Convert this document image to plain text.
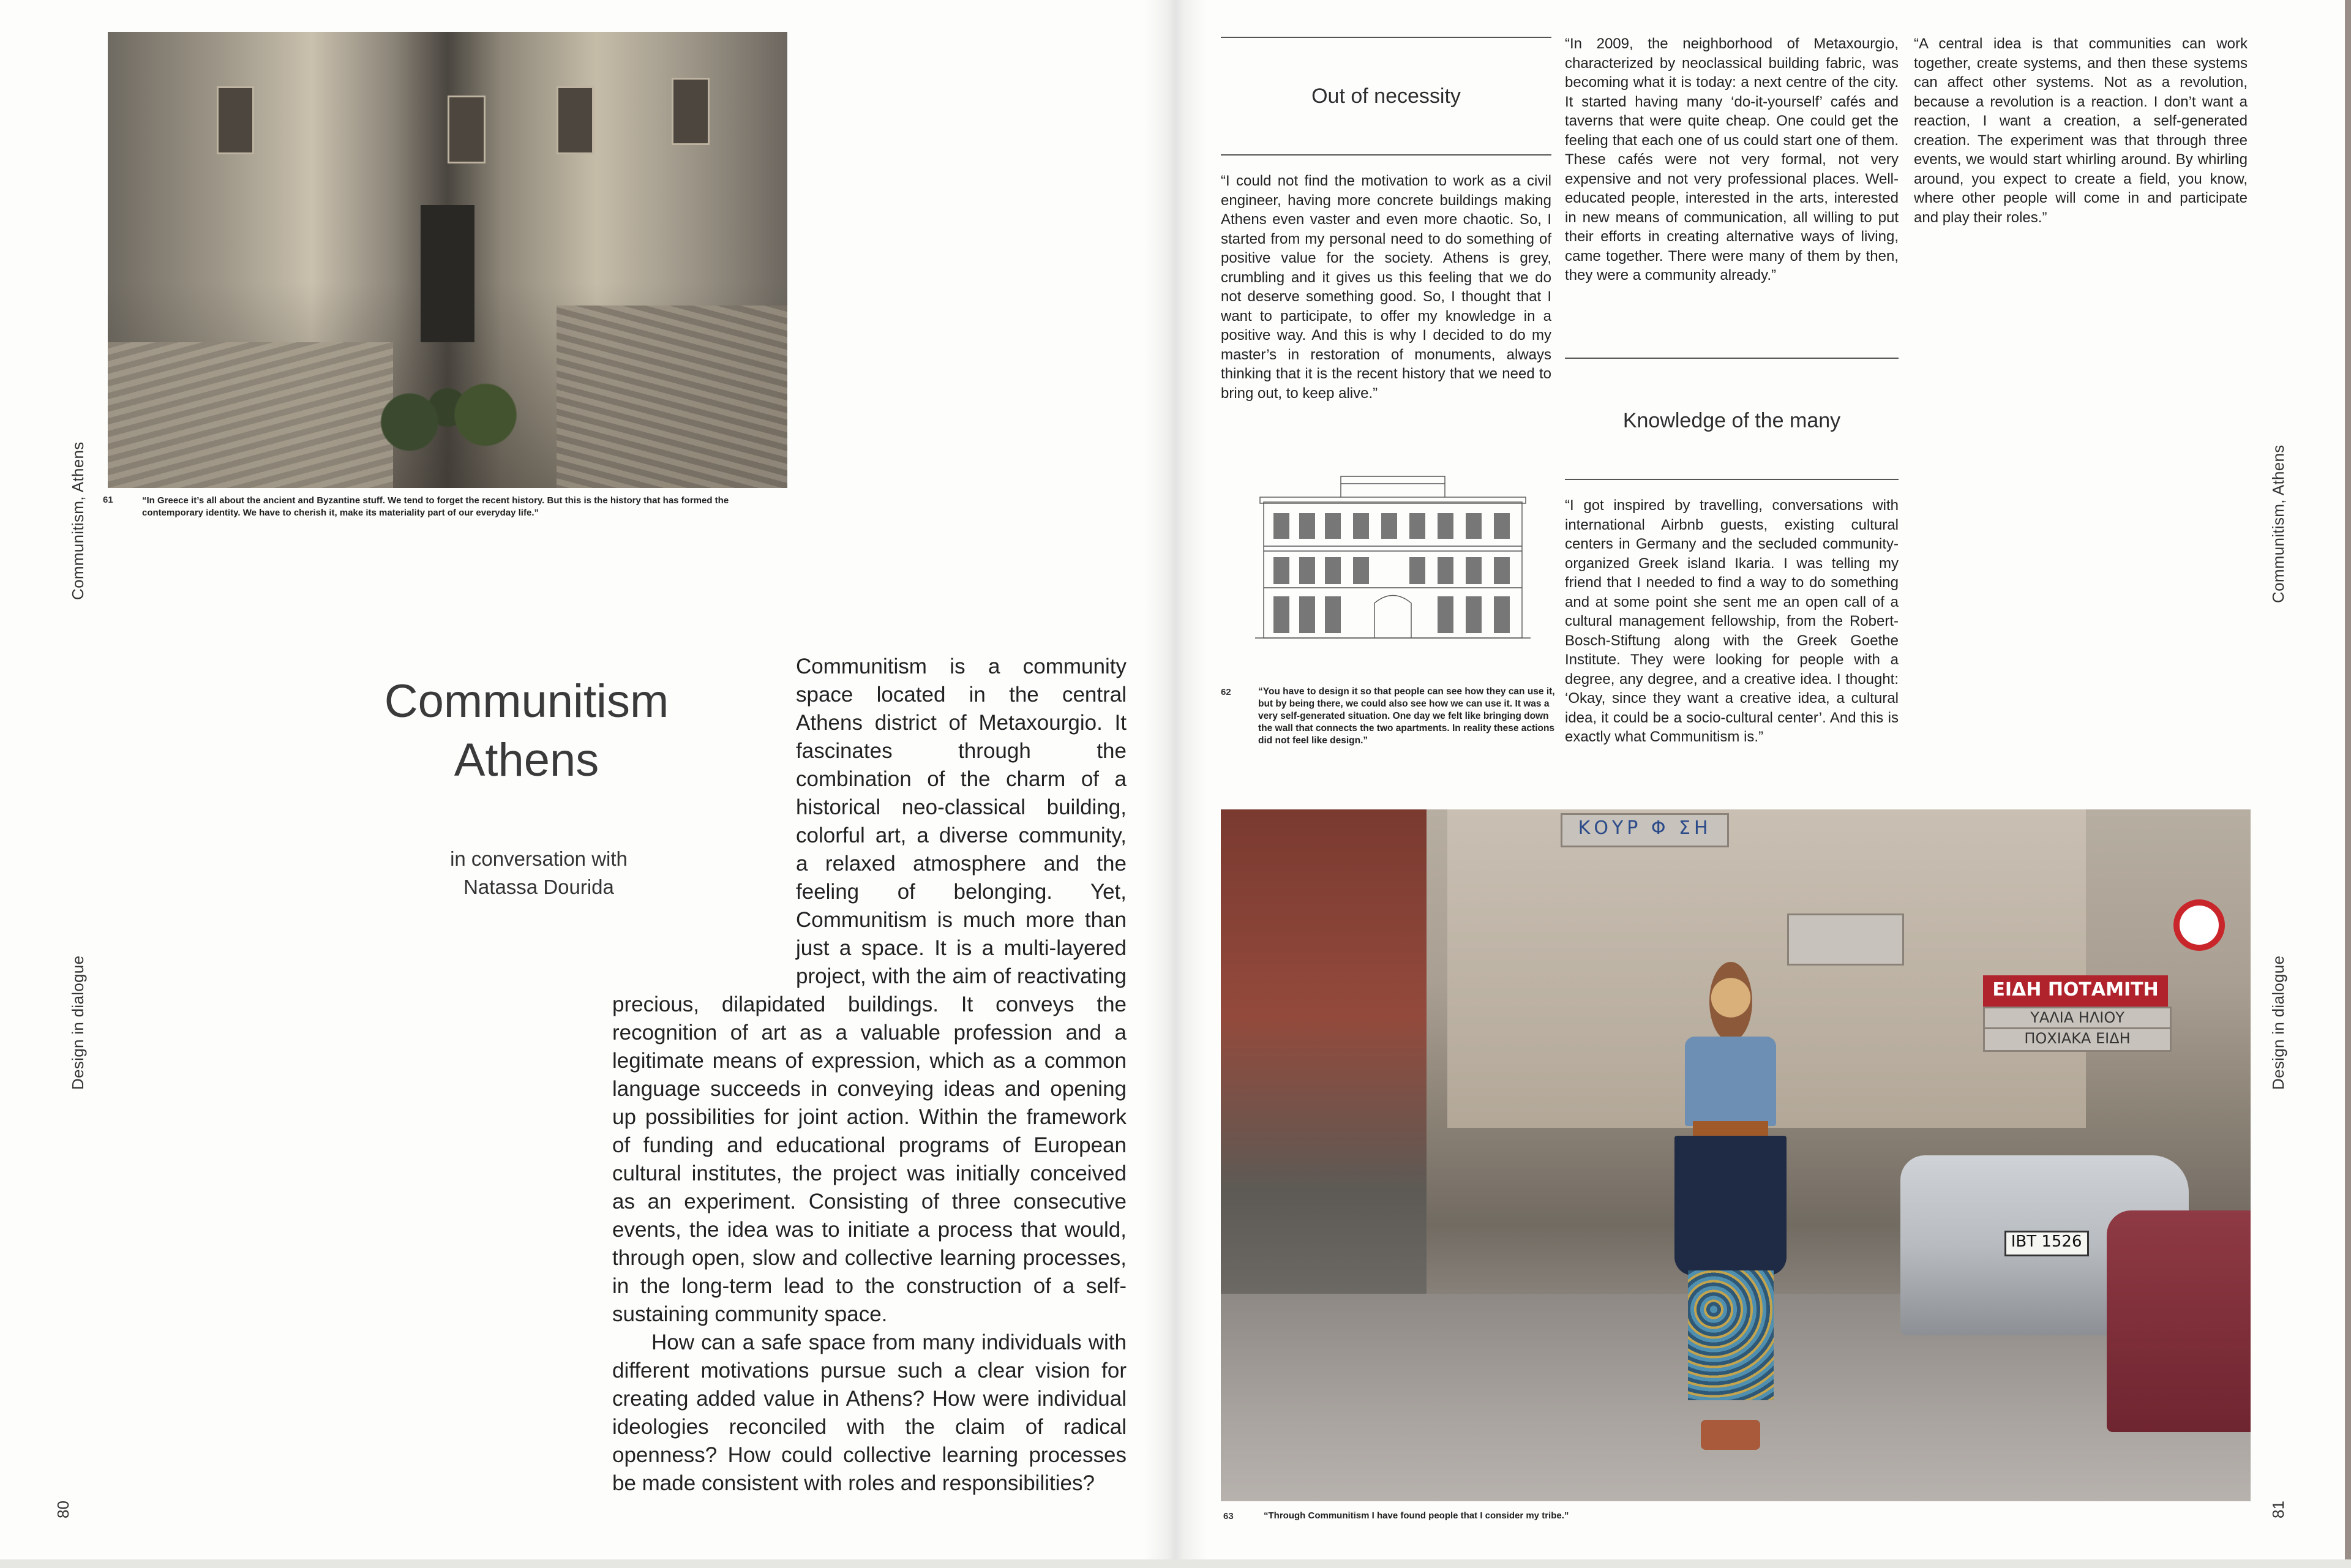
Communitism, Athens
Design in dialogue
80
61	“In Greece it’s all about the ancient and Byzantine stuff. We tend to forget the recent history. But this is the history that has formed the contemporary identity. We have to cherish it, make its materiality part of our everyday life.”
Communitism
Athens
in conversation with
Natassa Dourida

Communitism is a community space located in the central Athens district of Metaxourgio. It fascinates through the combination of the charm of a historical neo-classical building, colorful art, a diverse community, a relaxed atmosphere and the feeling of belonging. Yet, Communitism is much more than just a space. It is a multi-layered project, with the aim of reactivating precious, dilapidated buildings. It conveys the recognition of art as a valuable profession and a legitimate means of expression, which as a common language succeeds in conveying ideas and opening up possibilities for joint action. Within the framework of funding and educational programs of European cultural institutes, the project was initially conceived as an experiment. Consisting of three consecutive events, the idea was to initiate a process that would, through open, slow and collective learning processes, in the long-term lead to the construction of a self-sustaining community space.

How can a safe space from many individuals with different motivations pursue such a clear vision for creating added value in Athens? How were individual ideologies reconciled with the claim of radical openness? How could collective learning processes be made consistent with roles and responsibilities?

Out of necessity
“I could not find the motivation to work as a civil engineer, having more concrete buildings making Athens even vaster and even more chaotic. So, I started from my personal need to do something of positive value for the society. Athens is grey, crumbling and it gives us this feeling that we do not deserve something good. So, I thought that I want to participate, to offer my knowledge in a positive way. And this is why I decided to do my master’s in restoration of monuments, always thinking that it is the recent history that we need to bring out, to keep alive.”
62	“You have to design it so that people can see how they can use it, but by being there, we could also see how we can use it. It was a very self-generated situation. One day we felt like bringing down the wall that connects the two apartments. In reality these actions did not feel like design.”
“In 2009, the neighborhood of Metaxourgio, characterized by neoclassical building fabric, was becoming what it is today: a next centre of the city. It started having many ‘do-it-yourself’ cafés and taverns that were quite cheap. One could get the feeling that each one of us could start one of them. These cafés were not very formal, not very expensive and not very professional places. Well-educated people, interested in the arts, interested in new means of communication, all willing to put their efforts in creating alternative ways of living, came together. There were many of them by then, they were a community already.”
Knowledge of the many
“I got inspired by travelling, conversations with international Airbnb guests, existing cultural centers in Germany and the secluded community-organized Greek island Ikaria. I was telling my friend that I needed to find a way to do something and at some point she sent me an open call of a cultural management fellowship, from the Robert-Bosch-Stiftung along with the Greek Goethe Institute. They were looking for people with a degree, any degree, and a creative idea. I thought: ‘Okay, since they want a creative idea, a cultural idea, it could be a socio-cultural center’. And this is exactly what Communitism is.”
“A central idea is that communities can work together, create systems, and then these systems can affect other systems. Not as a revolution, because a revolution is a reaction. I don’t want a reaction, I want a creation, a self-generated creation. The experiment was that through three events, we would start whirling around. By whirling around, you expect to create a field, you know, where other people will come in and participate and play their roles.”
ΚΟΥΡ Φ ΣΗ
ΕΙΔΗ ΠΟΤΑΜΙΤΗ
ΥΑΛΙΑ ΗΛΙΟΥ
ΠΟΧΙΑΚΑ ΕΙΔΗ
ΙΒΤ 1526
63	“Through Communitism I have found people that I consider my tribe.”
Communitism, Athens
Design in dialogue
81
